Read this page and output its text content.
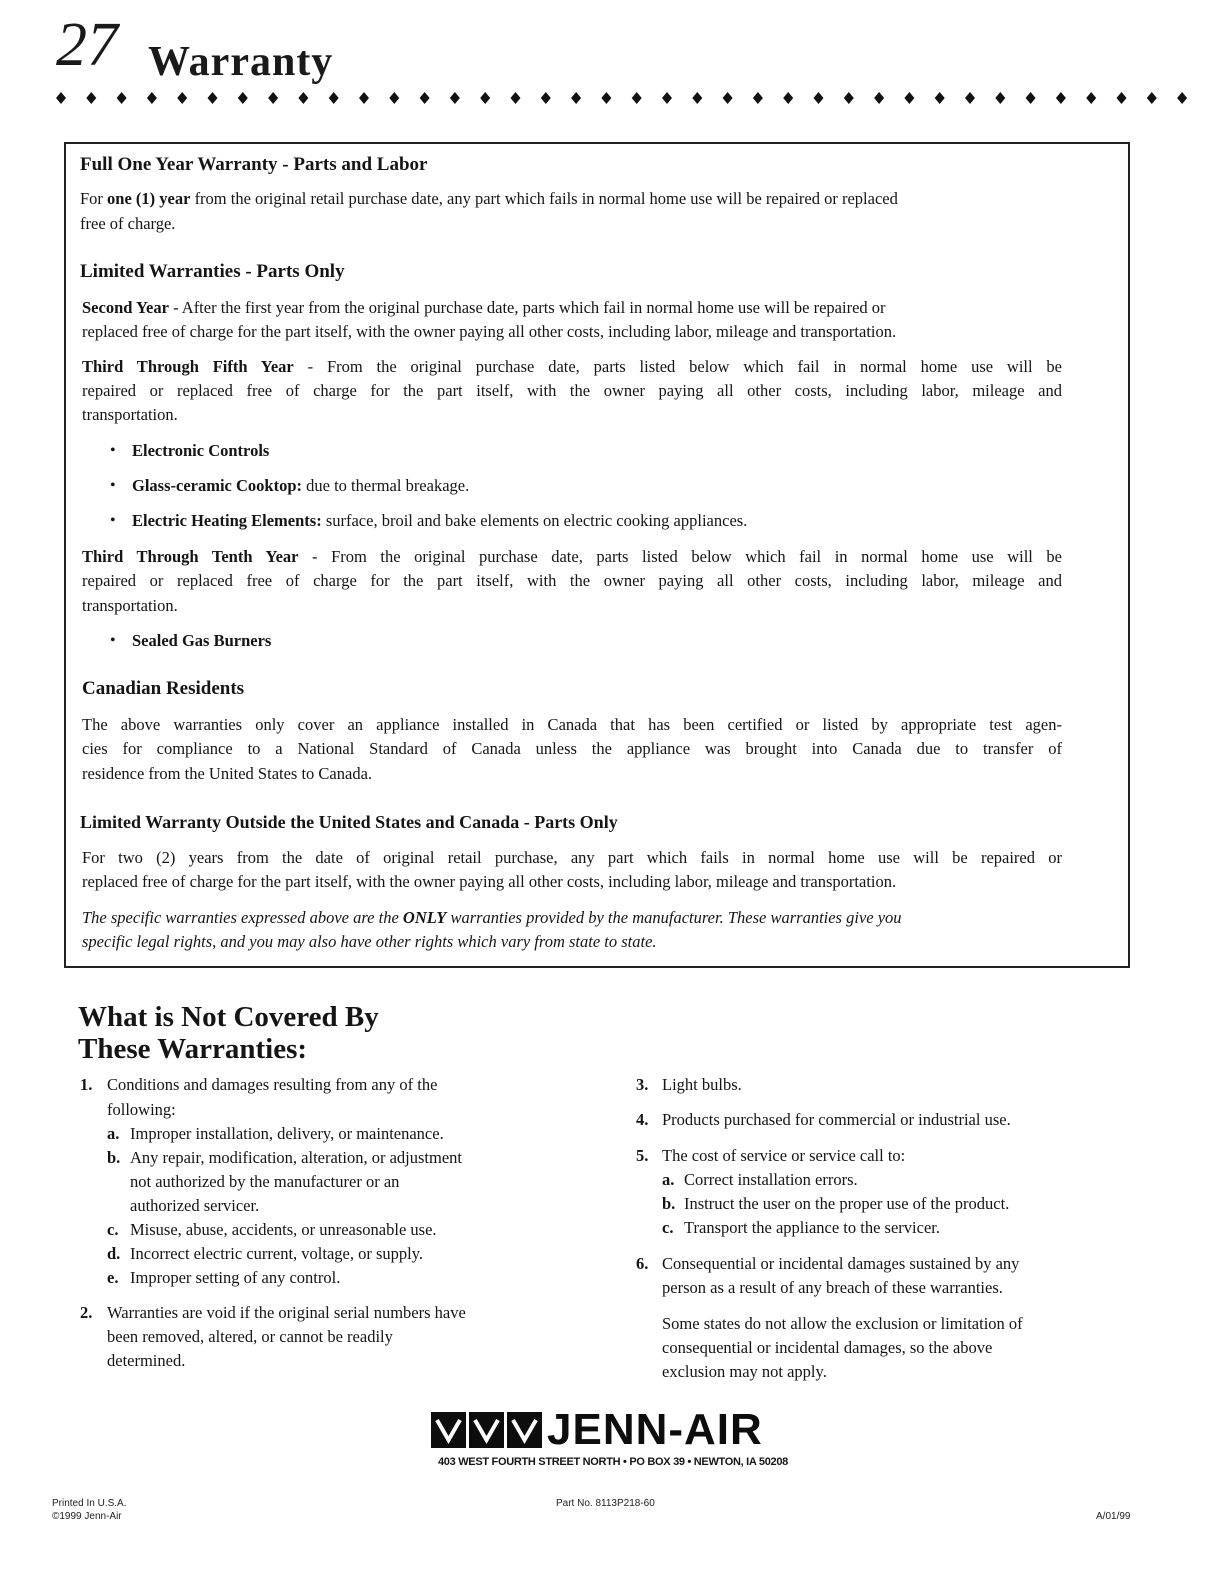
27 Warranty
Full One Year Warranty - Parts and Labor
For one (1) year from the original retail purchase date, any part which fails in normal home use will be repaired or replaced
free of charge.
Limited Warranties - Parts Only
Second Year - After the first year from the original purchase date, parts which fail in normal home use will be repaired or
replaced free of charge for the part itself, with the owner paying all other costs, including labor, mileage and transportation.
Third Through Fifth Year - From the original purchase date, parts listed below which fail in normal home use will be
repaired or replaced free of charge for the part itself, with the owner paying all other costs, including labor, mileage and
transportation.
• Electronic Controls
• Glass-ceramic Cooktop: due to thermal breakage.
• Electric Heating Elements: surface, broil and bake elements on electric cooking appliances.
Third Through Tenth Year - From the original purchase date, parts listed below which fail in normal home use will be
repaired or replaced free of charge for the part itself, with the owner paying all other costs, including labor, mileage and
transportation.
• Sealed Gas Burners
Canadian Residents
The above warranties only cover an appliance installed in Canada that has been certified or listed by appropriate test agen-
cies for compliance to a National Standard of Canada unless the appliance was brought into Canada due to transfer of
residence from the United States to Canada.
Limited Warranty Outside the United States and Canada - Parts Only
For two (2) years from the date of original retail purchase, any part which fails in normal home use will be repaired or
replaced free of charge for the part itself, with the owner paying all other costs, including labor, mileage and transportation.
The specific warranties expressed above are the ONLY warranties provided by the manufacturer. These warranties give you
specific legal rights, and you may also have other rights which vary from state to state.
What is Not Covered By
These Warranties:
1. Conditions and damages resulting from any of the
following:
a. Improper installation, delivery, or maintenance.
b. Any repair, modification, alteration, or adjustment
not authorized by the manufacturer or an
authorized servicer.
c. Misuse, abuse, accidents, or unreasonable use.
d. Incorrect electric current, voltage, or supply.
e. Improper setting of any control.
2. Warranties are void if the original serial numbers have
been removed, altered, or cannot be readily
determined.
3. Light bulbs.
4. Products purchased for commercial or industrial use.
5. The cost of service or service call to:
a. Correct installation errors.
b. Instruct the user on the proper use of the product.
c. Transport the appliance to the servicer.
6. Consequential or incidental damages sustained by any
person as a result of any breach of these warranties.
Some states do not allow the exclusion or limitation of
consequential or incidental damages, so the above
exclusion may not apply.
JENN-AIR
403 WEST FOURTH STREET NORTH • PO BOX 39 • NEWTON, IA 50208
Printed In U.S.A.
©1999 Jenn-Air
Part No. 8113P218-60
A/01/99
